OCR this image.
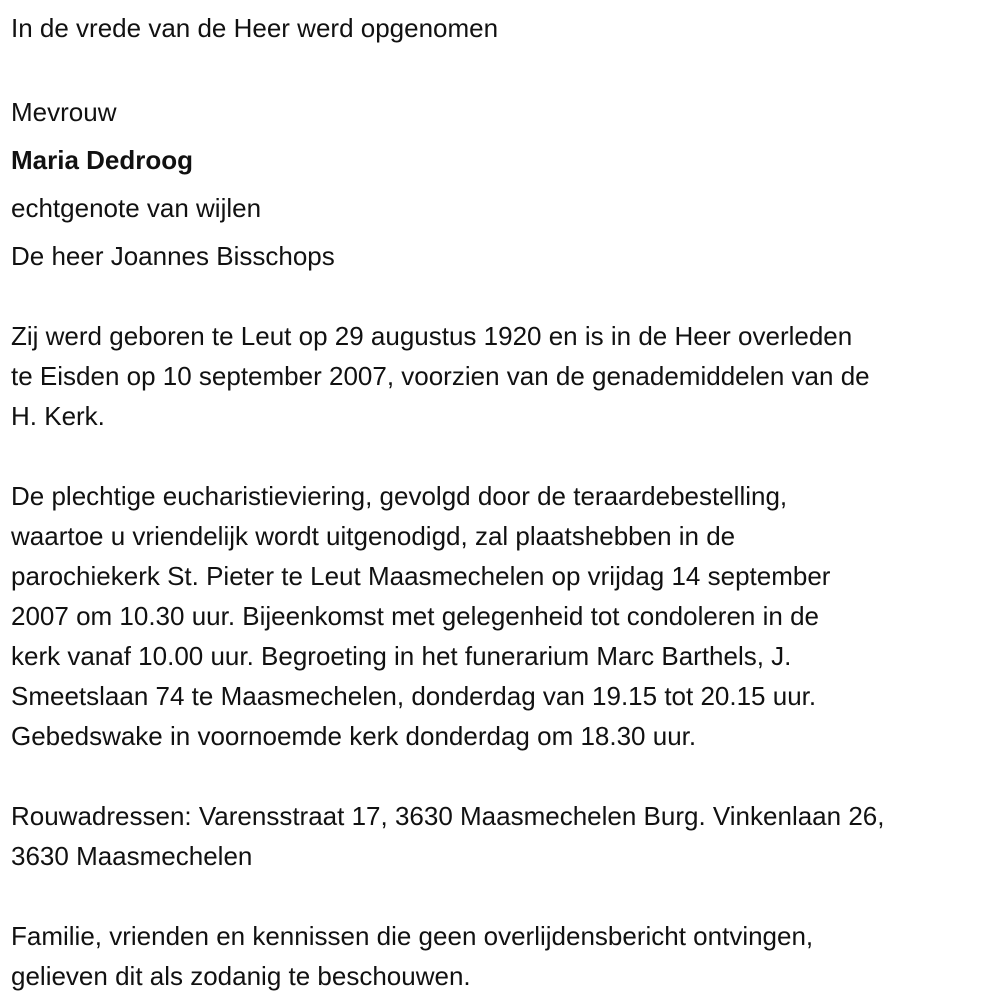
In de vrede van de Heer werd opgenomen
Mevrouw
Maria Dedroog
echtgenote van wijlen
De heer Joannes Bisschops
Zij werd geboren te Leut op 29 augustus 1920 en is in de Heer overleden
te Eisden op 10 september 2007, voorzien van de genademiddelen van de
H. Kerk.
De plechtige eucharistieviering, gevolgd door de teraardebestelling,
waartoe u vriendelijk wordt uitgenodigd, zal plaatshebben in de
parochiekerk St. Pieter te Leut Maasmechelen op vrijdag 14 september
2007 om 10.30 uur. Bijeenkomst met gelegenheid tot condoleren in de
kerk vanaf 10.00 uur. Begroeting in het funerarium Marc Barthels, J.
Smeetslaan 74 te Maasmechelen, donderdag van 19.15 tot 20.15 uur.
Gebedswake in voornoemde kerk donderdag om 18.30 uur.
Rouwadressen: Varensstraat 17, 3630 Maasmechelen Burg. Vinkenlaan 26,
3630 Maasmechelen
Familie, vrienden en kennissen die geen overlijdensbericht ontvingen,
gelieven dit als zodanig te beschouwen.
